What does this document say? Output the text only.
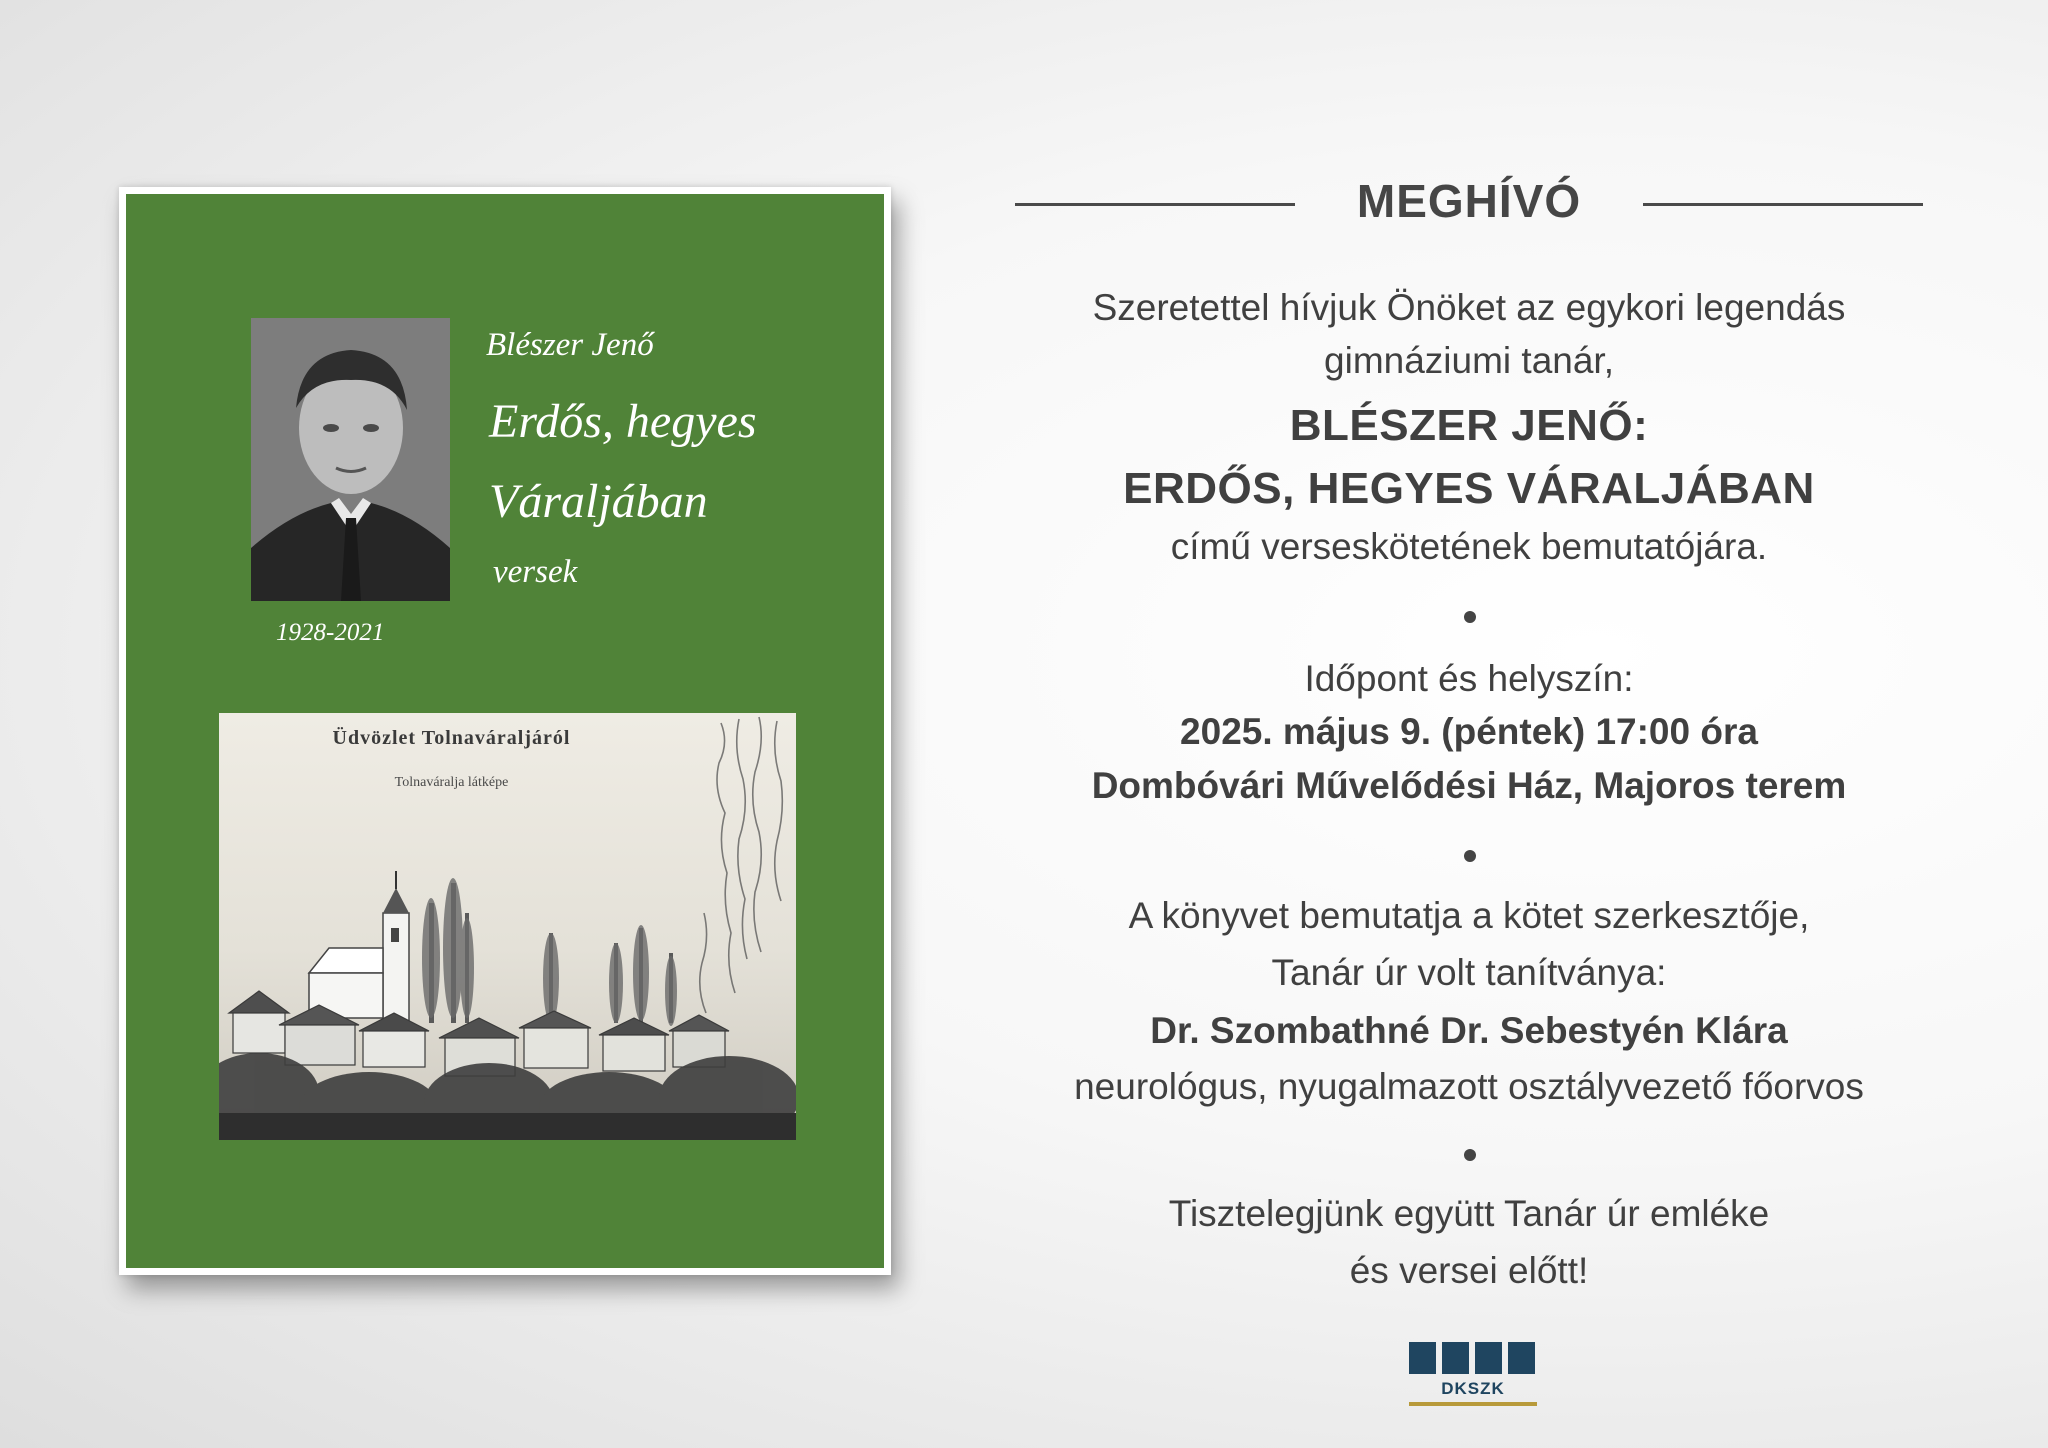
Blészer Jenő
Erdős, hegyes
Váraljában
versek
1928-2021
Üdvözlet Tolnaváraljáról
Tolnaváralja látképe
MEGHÍVÓ
Szeretettel hívjuk Önöket az egykori legendás
gimnáziumi tanár,
BLÉSZER JENŐ:
ERDŐS, HEGYES VÁRALJÁBAN
című verseskötetének bemutatójára.
Időpont és helyszín:
2025. május 9. (péntek) 17:00 óra
Dombóvári Művelődési Ház, Majoros terem
A könyvet bemutatja a kötet szerkesztője,
Tanár úr volt tanítványa:
Dr. Szombathné Dr. Sebestyén Klára
neurológus, nyugalmazott osztályvezető főorvos
Tisztelegjünk együtt Tanár úr emléke
és versei előtt!
DKSZK
